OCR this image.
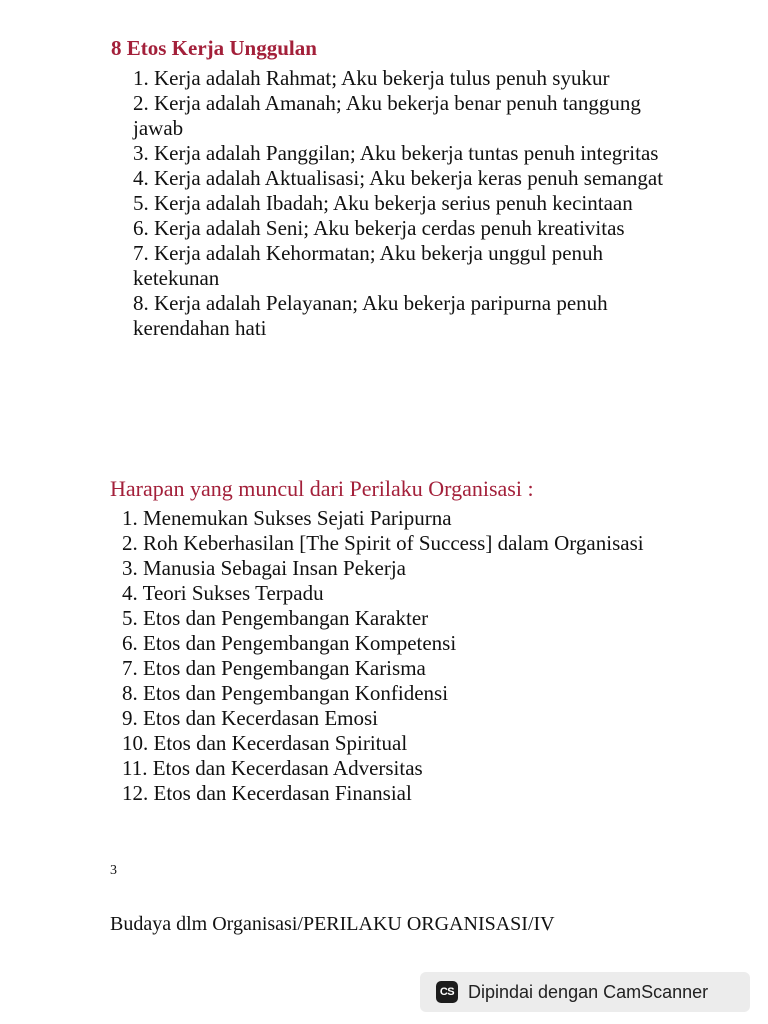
8 Etos Kerja Unggulan
1. Kerja adalah Rahmat; Aku bekerja tulus penuh syukur
2. Kerja adalah Amanah; Aku bekerja benar penuh tanggung jawab
3. Kerja adalah Panggilan; Aku bekerja tuntas penuh integritas
4. Kerja adalah Aktualisasi; Aku bekerja keras penuh semangat
5. Kerja adalah Ibadah; Aku bekerja serius penuh kecintaan
6. Kerja adalah Seni; Aku bekerja cerdas penuh kreativitas
7. Kerja adalah Kehormatan; Aku bekerja unggul penuh ketekunan
8. Kerja adalah Pelayanan; Aku bekerja paripurna penuh kerendahan hati
Harapan yang muncul dari Perilaku Organisasi :
1. Menemukan Sukses Sejati Paripurna
2. Roh Keberhasilan [The Spirit of Success] dalam Organisasi
3. Manusia Sebagai Insan Pekerja
4. Teori Sukses Terpadu
5. Etos dan Pengembangan Karakter
6. Etos dan Pengembangan Kompetensi
7. Etos dan Pengembangan Karisma
8. Etos dan Pengembangan Konfidensi
9. Etos dan Kecerdasan Emosi
10. Etos dan Kecerdasan Spiritual
11. Etos dan Kecerdasan Adversitas
12. Etos dan Kecerdasan Finansial
3
Budaya dlm Organisasi/PERILAKU ORGANISASI/IV
CS Dipindai dengan CamScanner
